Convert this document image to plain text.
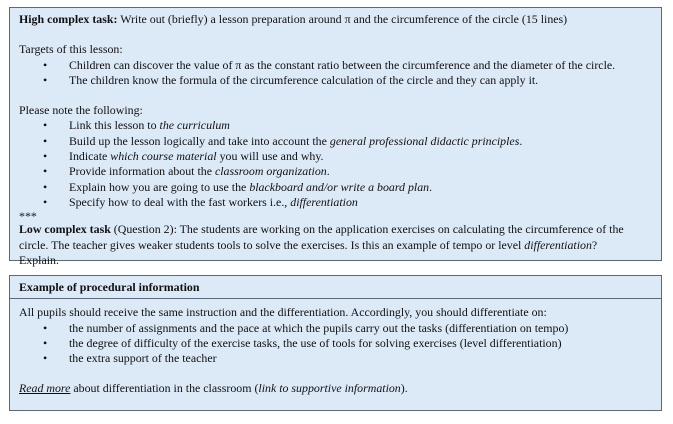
High complex task: Write out (briefly) a lesson preparation around π and the circumference of the circle (15 lines)

Targets of this lesson:

• Children can discover the value of π as the constant ratio between the circumference and the diameter of the circle.
• The children know the formula of the circumference calculation of the circle and they can apply it.

Please note the following:

• Link this lesson to the curriculum
• Build up the lesson logically and take into account the general professional didactic principles.
• Indicate which course material you will use and why.
• Provide information about the classroom organization.
• Explain how you are going to use the blackboard and/or write a board plan.
• Specify how to deal with the fast workers i.e., differentiation

***

Low complex task (Question 2): The students are working on the application exercises on calculating the circumference of the

circle. The teacher gives weaker students tools to solve the exercises. Is this an example of tempo or level differentiation?

Explain.

Example of procedural information

All pupils should receive the same instruction and the differentiation. Accordingly, you should differentiate on:

• the number of assignments and the pace at which the pupils carry out the tasks (differentiation on tempo)
• the degree of difficulty of the exercise tasks, the use of tools for solving exercises (level differentiation)
• the extra support of the teacher

Read more about differentiation in the classroom (link to supportive information).
